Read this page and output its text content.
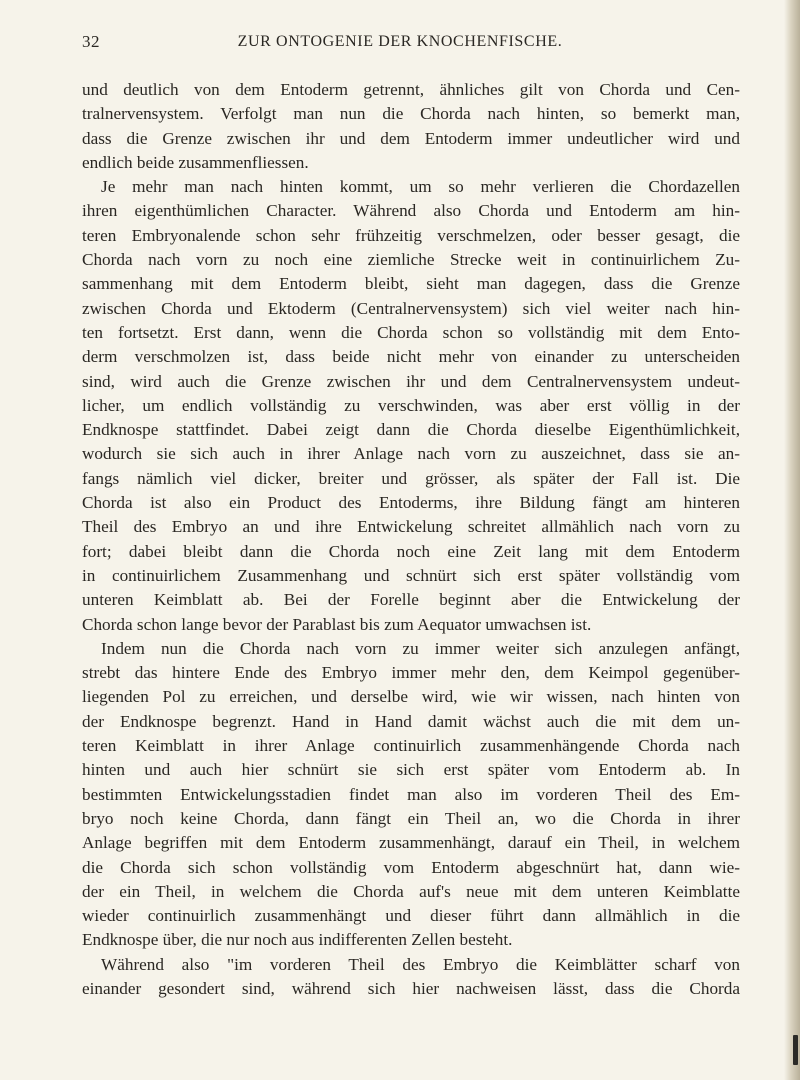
32	ZUR ONTOGENIE DER KNOCHENFISCHE.
und deutlich von dem Entoderm getrennt, ähnliches gilt von Chorda und Cen-
tralnervensystem. Verfolgt man nun die Chorda nach hinten, so bemerkt man,
dass die Grenze zwischen ihr und dem Entoderm immer undeutlicher wird und
endlich beide zusammenfliessen.
Je mehr man nach hinten kommt, um so mehr verlieren die Chordazellen
ihren eigenthümlichen Character. Während also Chorda und Entoderm am hin-
teren Embryonalende schon sehr frühzeitig verschmelzen, oder besser gesagt, die
Chorda nach vorn zu noch eine ziemliche Strecke weit in continuirlichem Zu-
sammenhang mit dem Entoderm bleibt, sieht man dagegen, dass die Grenze
zwischen Chorda und Ektoderm (Centralnervensystem) sich viel weiter nach hin-
ten fortsetzt. Erst dann, wenn die Chorda schon so vollständig mit dem Ento-
derm verschmolzen ist, dass beide nicht mehr von einander zu unterscheiden
sind, wird auch die Grenze zwischen ihr und dem Centralnervensystem undeut-
licher, um endlich vollständig zu verschwinden, was aber erst völlig in der
Endknospe stattfindet. Dabei zeigt dann die Chorda dieselbe Eigenthümlichkeit,
wodurch sie sich auch in ihrer Anlage nach vorn zu auszeichnet, dass sie an-
fangs nämlich viel dicker, breiter und grösser, als später der Fall ist. Die
Chorda ist also ein Product des Entoderms, ihre Bildung fängt am hinteren
Theil des Embryo an und ihre Entwickelung schreitet allmählich nach vorn zu
fort; dabei bleibt dann die Chorda noch eine Zeit lang mit dem Entoderm
in continuirlichem Zusammenhang und schnürt sich erst später vollständig vom
unteren Keimblatt ab. Bei der Forelle beginnt aber die Entwickelung der
Chorda schon lange bevor der Parablast bis zum Aequator umwachsen ist.
Indem nun die Chorda nach vorn zu immer weiter sich anzulegen anfängt,
strebt das hintere Ende des Embryo immer mehr den, dem Keimpol gegenüber-
liegenden Pol zu erreichen, und derselbe wird, wie wir wissen, nach hinten von
der Endknospe begrenzt. Hand in Hand damit wächst auch die mit dem un-
teren Keimblatt in ihrer Anlage continuirlich zusammenhängende Chorda nach
hinten und auch hier schnürt sie sich erst später vom Entoderm ab. In
bestimmten Entwickelungsstadien findet man also im vorderen Theil des Em-
bryo noch keine Chorda, dann fängt ein Theil an, wo die Chorda in ihrer
Anlage begriffen mit dem Entoderm zusammenhängt, darauf ein Theil, in welchem
die Chorda sich schon vollständig vom Entoderm abgeschnürt hat, dann wie-
der ein Theil, in welchem die Chorda auf's neue mit dem unteren Keimblatte
wieder continuirlich zusammenhängt und dieser führt dann allmählich in die
Endknospe über, die nur noch aus indifferenten Zellen besteht.
Während also "im vorderen Theil des Embryo die Keimblätter scharf von
einander gesondert sind, während sich hier nachweisen lässt, dass die Chorda
